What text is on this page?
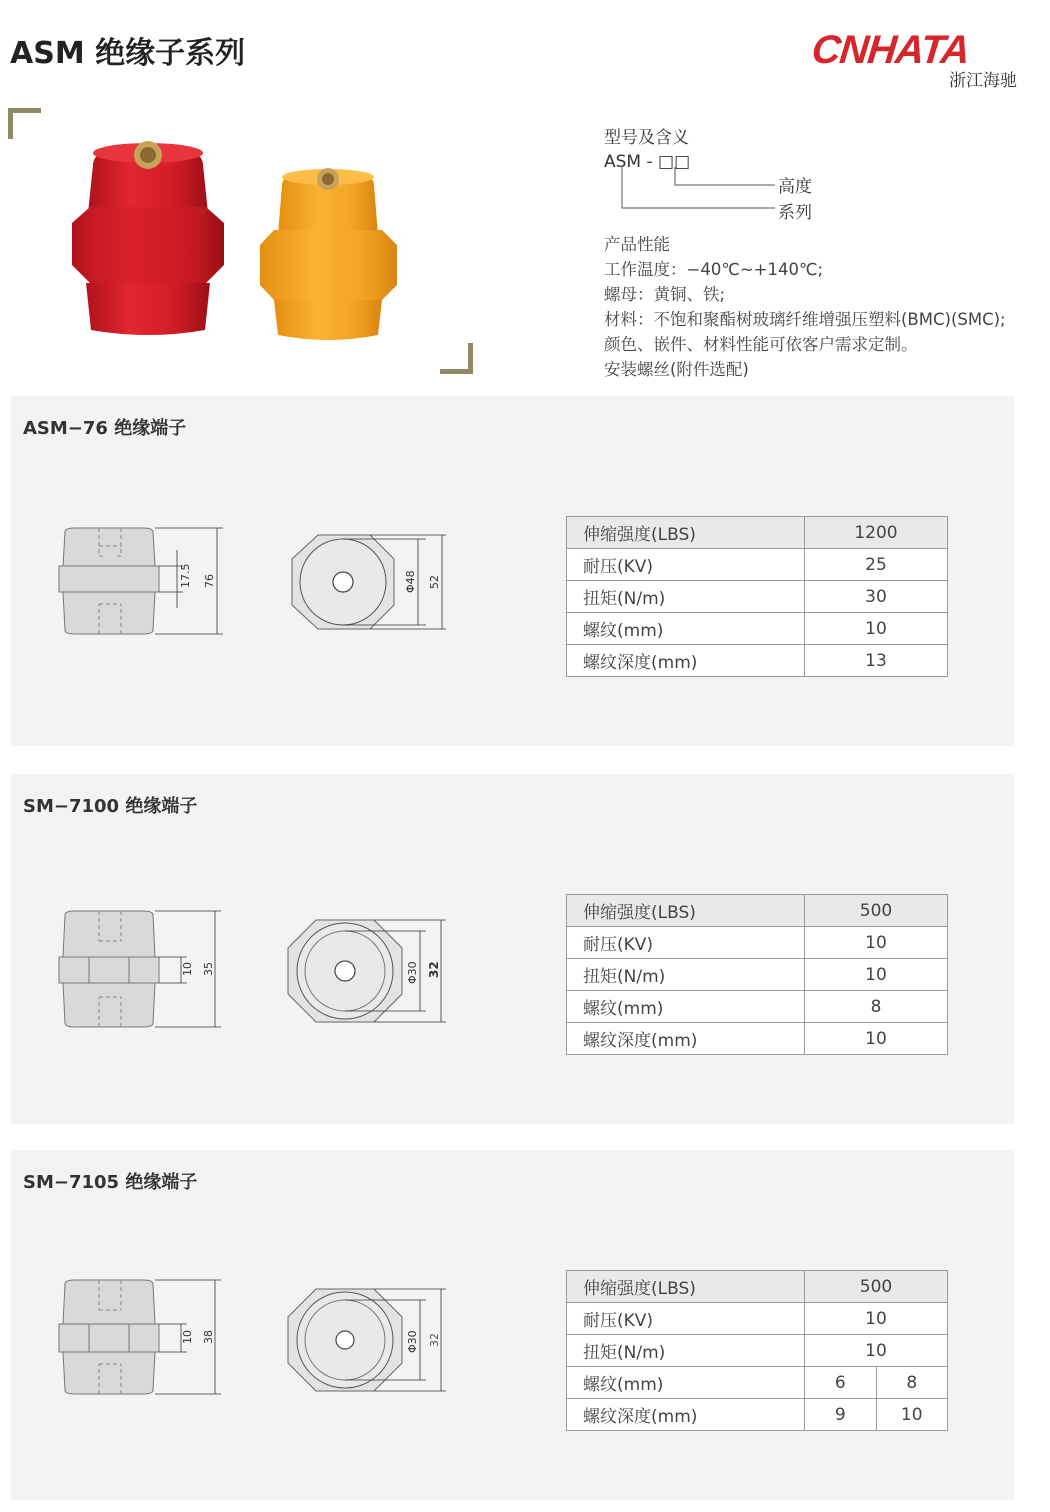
ASM 绝缘子系列	CNHATA
浙江海驰
型号及含义
ASM - □□
高度
系列
产品性能
工作温度：−40℃~+140℃;
螺母：黄铜、铁;
材料：不饱和聚酯树玻璃纤维增强压塑料(BMC)(SMC);
颜色、嵌件、材料性能可依客户需求定制。
安装螺丝(附件选配)
ASM−76 绝缘端子
17.5 76	Φ48 52
伸缩强度(LBS)	1200
耐压(KV)	25
扭矩(N/m)	30
螺纹(mm)	10
螺纹深度(mm)	13
SM−7100 绝缘端子
10 35	Φ30 32
伸缩强度(LBS)	500
耐压(KV)	10
扭矩(N/m)	10
螺纹(mm)	8
螺纹深度(mm)	10
SM−7105 绝缘端子
10 38	Φ30 32
伸缩强度(LBS)	500	
耐压(KV)	10	
扭矩(N/m)	10	
螺纹(mm)	6	8
螺纹深度(mm)	9	10
